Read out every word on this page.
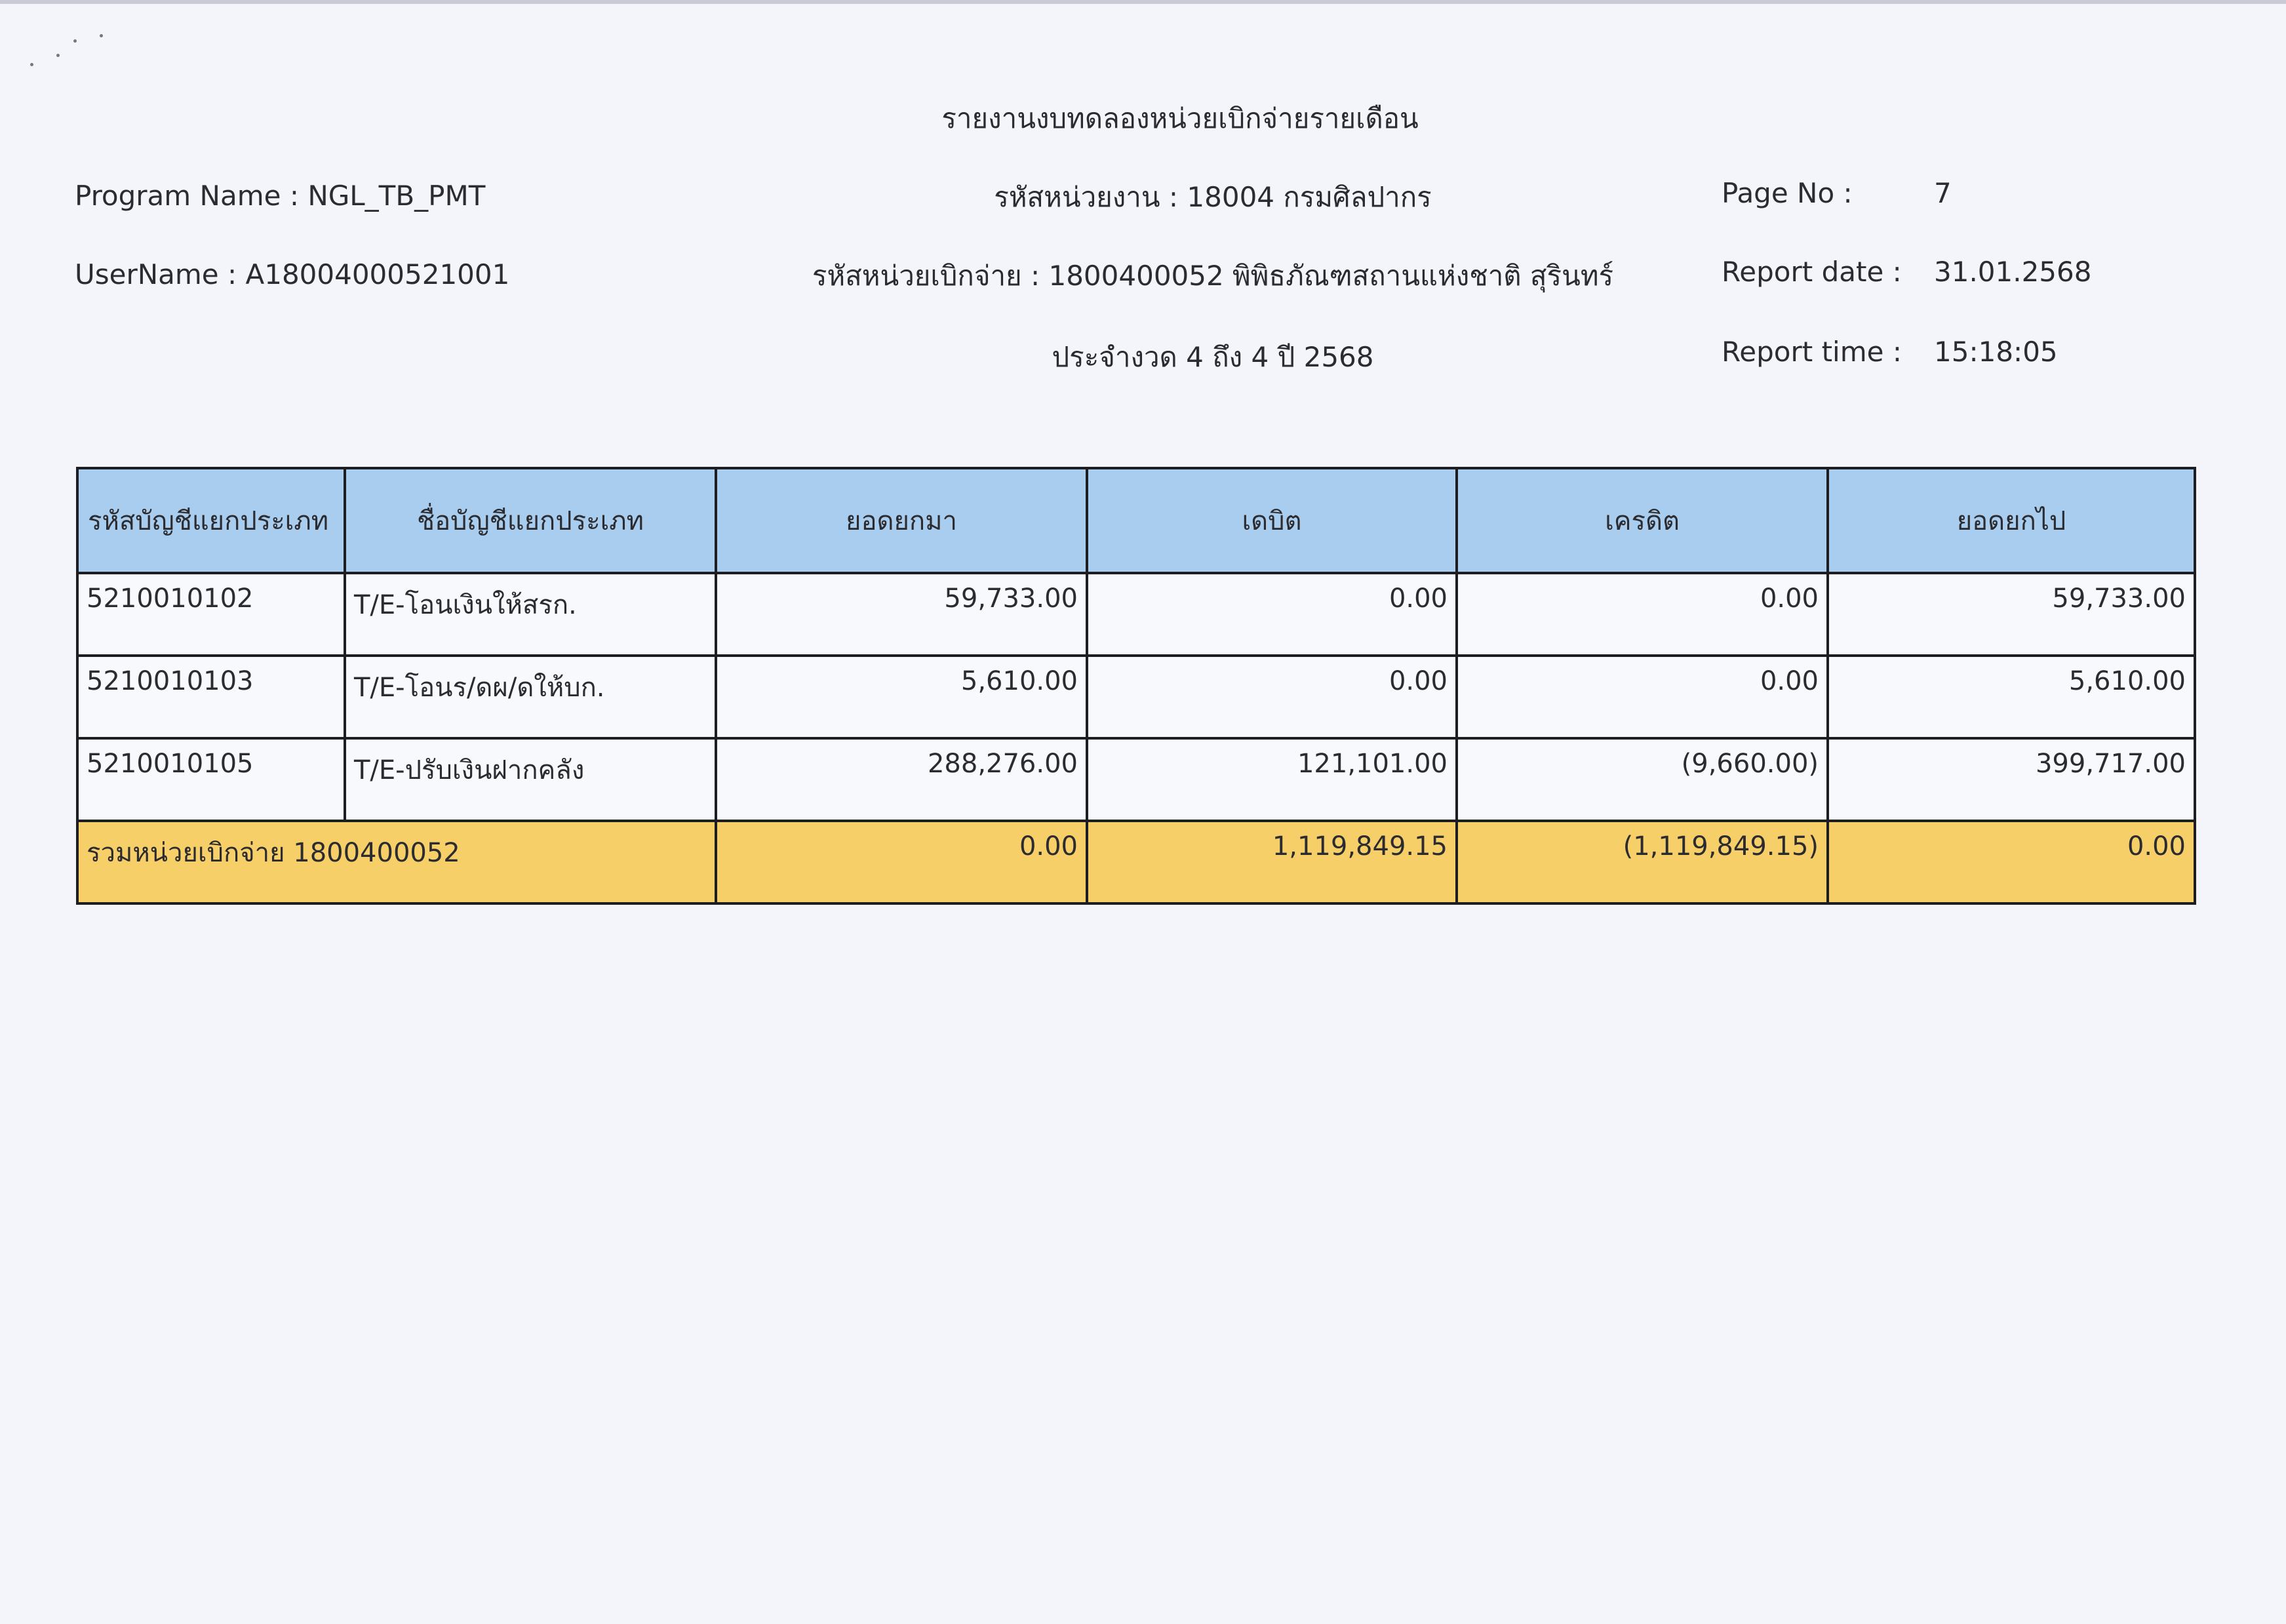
รายงานงบทดลองหน่วยเบิกจ่ายรายเดือน
Program Name : NGL_TB_PMT
UserName : A18004000521001
รหัสหน่วยงาน : 18004 กรมศิลปากร
รหัสหน่วยเบิกจ่าย : 1800400052 พิพิธภัณฑสถานแห่งชาติ สุรินทร์
ประจำงวด 4 ถึง 4 ปี 2568
Page No :	7
Report date : 31.01.2568
Report time : 15:18:05
รหัสบัญชีแยกประเภท	ชื่อบัญชีแยกประเภท	ยอดยกมา	เดบิต	เครดิต	ยอดยกไป
5210010102	T/E-โอนเงินให้สรก.	59,733.00	0.00	0.00	59,733.00
5210010103	T/E-โอนร/ดผ/ดให้บก.	5,610.00	0.00	0.00	5,610.00
5210010105	T/E-ปรับเงินฝากคลัง	288,276.00	121,101.00	(9,660.00)	399,717.00
รวมหน่วยเบิกจ่าย 1800400052		0.00	1,119,849.15	(1,119,849.15)	0.00
